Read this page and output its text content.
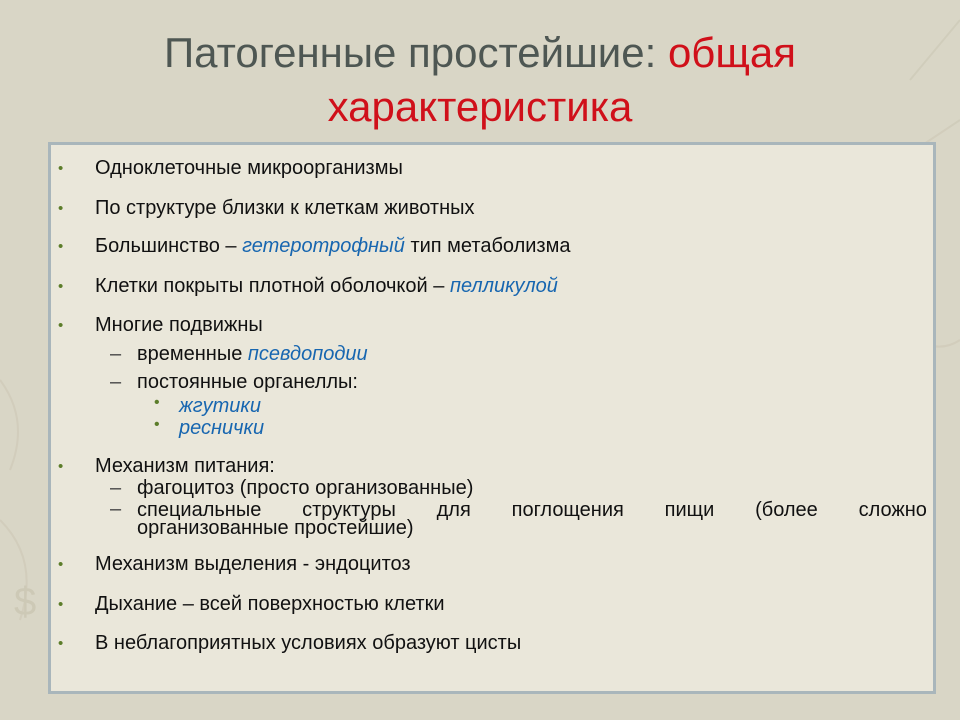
$
Патогенные простейшие: общая
характеристика
• Одноклеточные микроорганизмы
• По структуре близки к клеткам животных
• Большинство – гетеротрофный тип метаболизма
• Клетки покрыты плотной оболочкой – пелликулой
• Многие подвижны
– временные псевдоподии
– постоянные органеллы:
• жгутики
• реснички
• Механизм питания:
– фагоцитоз (просто организованные)
– специальные структуры для поглощения пищи (более сложно
организованные простейшие)
• Механизм выделения - эндоцитоз
• Дыхание – всей поверхностью клетки
• В неблагоприятных условиях образуют цисты
